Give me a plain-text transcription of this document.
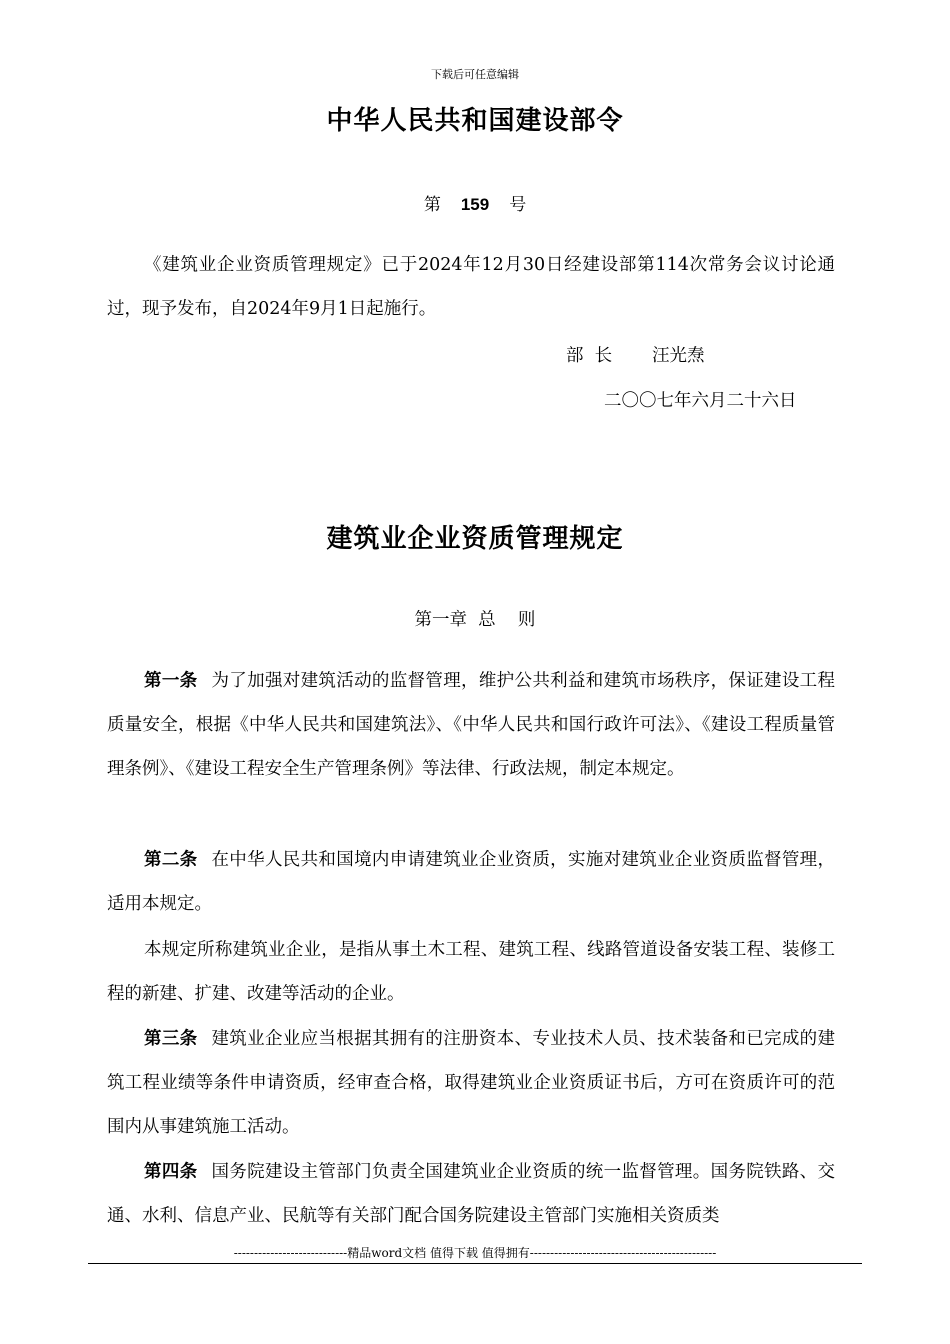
下载后可任意编辑
中华人民共和国建设部令
第 159 号

《建筑业企业资质管理规定》已于2024年12月30日经建设部第114次常务会议讨论通过，现予发布，自2024年9月1日起施行。

部  长 汪光焘
二〇〇七年六月二十六日
建筑业企业资质管理规定
第一章  总    则

第一条 为了加强对建筑活动的监督管理，维护公共利益和建筑市场秩序，保证建设工程质量安全，根据《中华人民共和国建筑法》、《中华人民共和国行政许可法》、《建设工程质量管理条例》、《建设工程安全生产管理条例》等法律、行政法规，制定本规定。

第二条 在中华人民共和国境内申请建筑业企业资质，实施对建筑业企业资质监督管理，适用本规定。

本规定所称建筑业企业，是指从事土木工程、建筑工程、线路管道设备安装工程、装修工程的新建、扩建、改建等活动的企业。

第三条 建筑业企业应当根据其拥有的注册资本、专业技术人员、技术装备和已完成的建筑工程业绩等条件申请资质，经审查合格，取得建筑业企业资质证书后，方可在资质许可的范围内从事建筑施工活动。

第四条 国务院建设主管部门负责全国建筑业企业资质的统一监督管理。国务院铁路、交通、水利、信息产业、民航等有关部门配合国务院建设主管部门实施相关资质类

----------------------------精品word文档 值得下载 值得拥有----------------------------------------------
